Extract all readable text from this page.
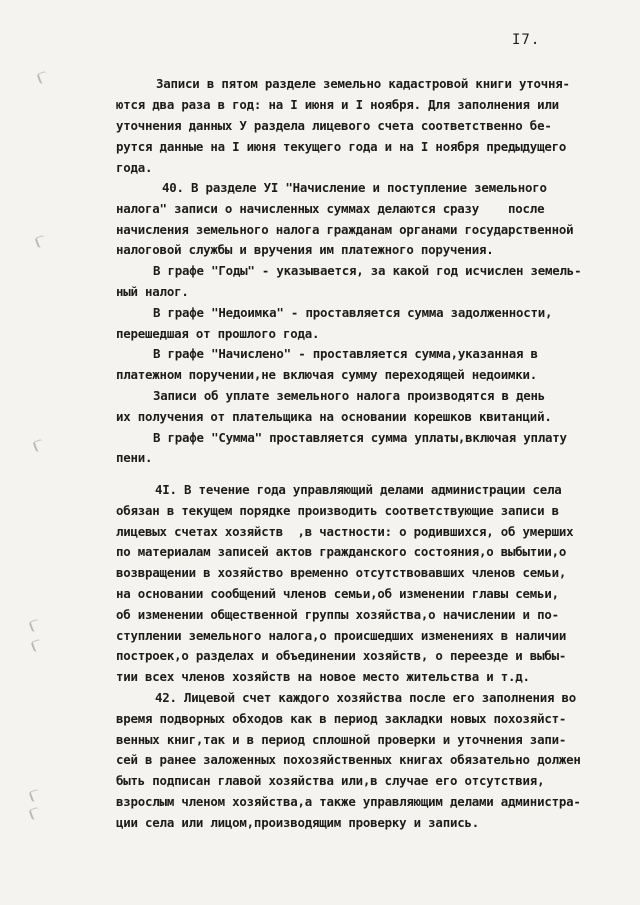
I7.
Записи в пятом разделе земельно кадастровой книги уточня-
ются два раза в год: на I июня и I ноября. Для заполнения или
уточнения данных У раздела лицевого счета соответственно бе-
рутся данные на I июня текущего года и на I ноября предыдущего
года.
40. В разделе УI "Начисление и поступление земельного
налога" записи о начисленных суммах делаются сразу    после
начисления земельного налога гражданам органами государственной
налоговой службы и вручения им платежного поручения.
В графе "Годы" - указывается, за какой год исчислен земель-
ный налог.
В графе "Недоимка" - проставляется сумма задолженности,
перешедшая от прошлого года.
В графе "Начислено" - проставляется сумма,указанная в
платежном поручении,не включая сумму переходящей недоимки.
Записи об уплате земельного налога производятся в день
их получения от плательщика на основании корешков квитанций.
В графе "Сумма" проставляется сумма уплаты,включая уплату
пени.
4I. В течение года управляющий делами администрации села
обязан в текущем порядке производить соответствующие записи в
лицевых счетах хозяйств  ,в частности: о родившихся, об умерших
по материалам записей актов гражданского состояния,о выбытии,о
возвращении в хозяйство временно отсутствовавших членов семьи,
на основании сообщений членов семьи,об изменении главы семьи,
об изменении общественной группы хозяйства,о начислении и по-
ступлении земельного налога,о происшедших изменениях в наличии
построек,о разделах и объединении хозяйств, о переезде и выбы-
тии всех членов хозяйств на новое место жительства и т.д.
42. Лицевой счет каждого хозяйства после его заполнения во
время подворных обходов как в период закладки новых похозяйст-
венных книг,так и в период сплошной проверки и уточнения запи-
сей в ранее заложенных похозяйственных книгах обязательно должен
быть подписан главой хозяйства или,в случае его отсутствия,
взрослым членом хозяйства,а также управляющим делами администра-
ции села или лицом,производящим проверку и запись.
